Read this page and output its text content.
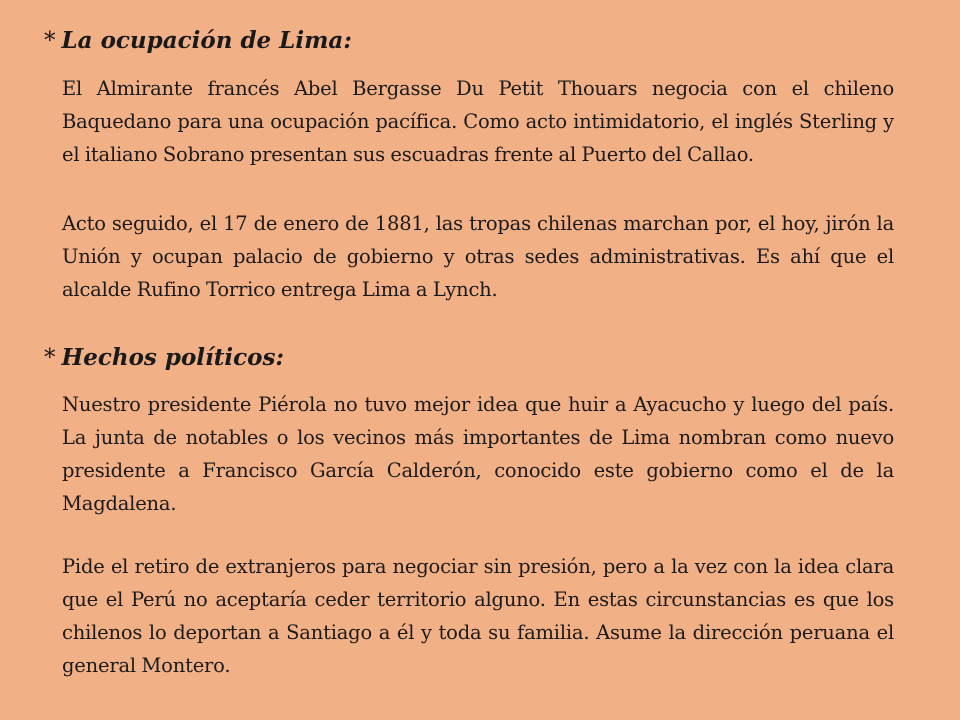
* La ocupación de Lima:

El Almirante francés Abel Bergasse Du Petit Thouars negocia con el chileno Baquedano para una ocupación pacífica. Como acto intimidatorio, el inglés Sterling y el italiano Sobrano presentan sus escuadras frente al Puerto del Callao.

Acto seguido, el 17 de enero de 1881, las tropas chilenas marchan por, el hoy, jirón la Unión y ocupan palacio de gobierno y otras sedes administrativas. Es ahí que el alcalde Rufino Torrico entrega Lima a Lynch.

* Hechos políticos:

Nuestro presidente Piérola no tuvo mejor idea que huir a Ayacucho y luego del país. La junta de notables o los vecinos más importantes de Lima nombran como nuevo presidente a Francisco García Calderón, conocido este gobierno como el de la Magdalena.

Pide el retiro de extranjeros para negociar sin presión, pero a la vez con la idea clara que el Perú no aceptaría ceder territorio alguno. En estas circunstancias es que los chilenos lo deportan a Santiago a él y toda su familia. Asume la dirección peruana el general Montero.
